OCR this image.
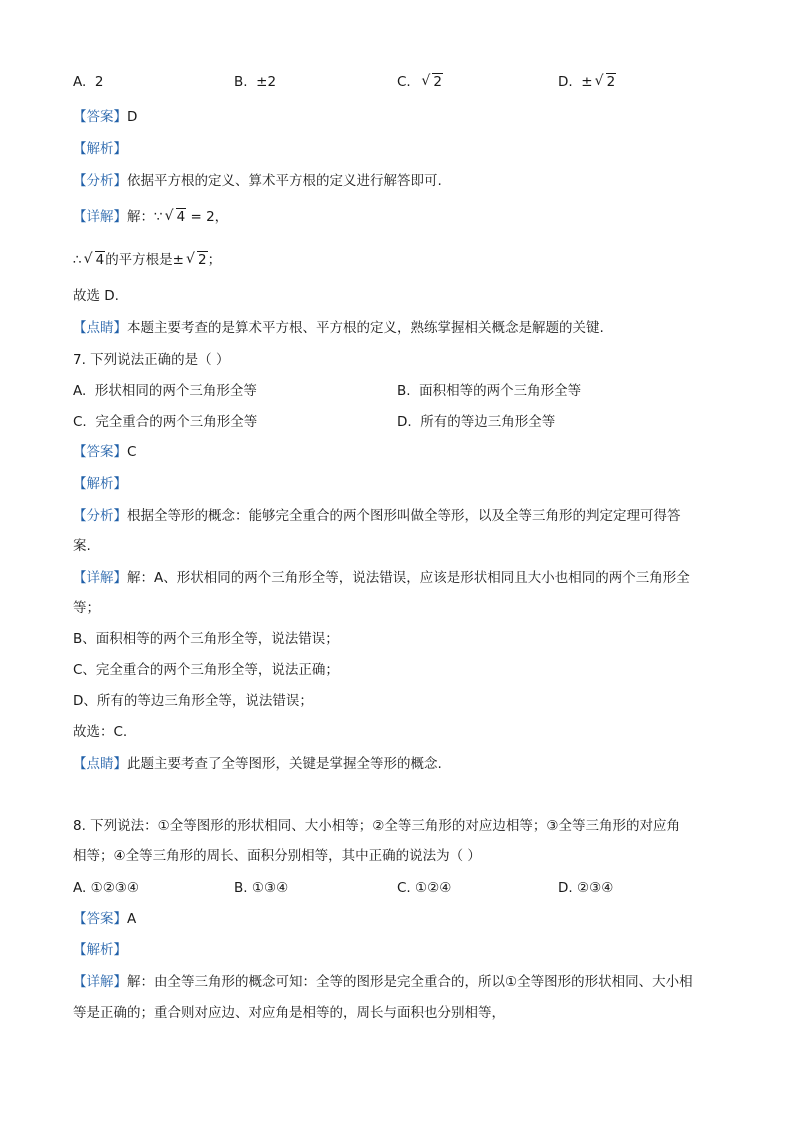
A. 2	B. ±2	C. √ 2	D. ± √ 2
【答案】D
【解析】
【分析】依据平方根的定义、算术平方根的定义进行解答即可.
【详解】解：∵ √ 4 = 2，
∴ √ 4的平方根是± √ 2；
故选 D.
【点睛】本题主要考查的是算术平方根、平方根的定义，熟练掌握相关概念是解题的关键.
7. 下列说法正确的是（ ）
A. 形状相同的两个三角形全等	B. 面积相等的两个三角形全等
C. 完全重合的两个三角形全等	D. 所有的等边三角形全等
【答案】C
【解析】
【分析】根据全等形的概念：能够完全重合的两个图形叫做全等形，以及全等三角形的判定定理可得答
案.
【详解】解：A、形状相同的两个三角形全等，说法错误，应该是形状相同且大小也相同的两个三角形全
等；
B、面积相等的两个三角形全等，说法错误；
C、完全重合的两个三角形全等，说法正确；
D、所有的等边三角形全等，说法错误；
故选：C.
【点睛】此题主要考查了全等图形，关键是掌握全等形的概念.
8. 下列说法：①全等图形的形状相同、大小相等；②全等三角形的对应边相等；③全等三角形的对应角
相等；④全等三角形的周长、面积分别相等，其中正确的说法为（ ）
A. ①②③④	B. ①③④	C. ①②④	D. ②③④
【答案】A
【解析】
【详解】解：由全等三角形的概念可知：全等的图形是完全重合的，所以①全等图形的形状相同、大小相
等是正确的；重合则对应边、对应角是相等的，周长与面积也分别相等，
